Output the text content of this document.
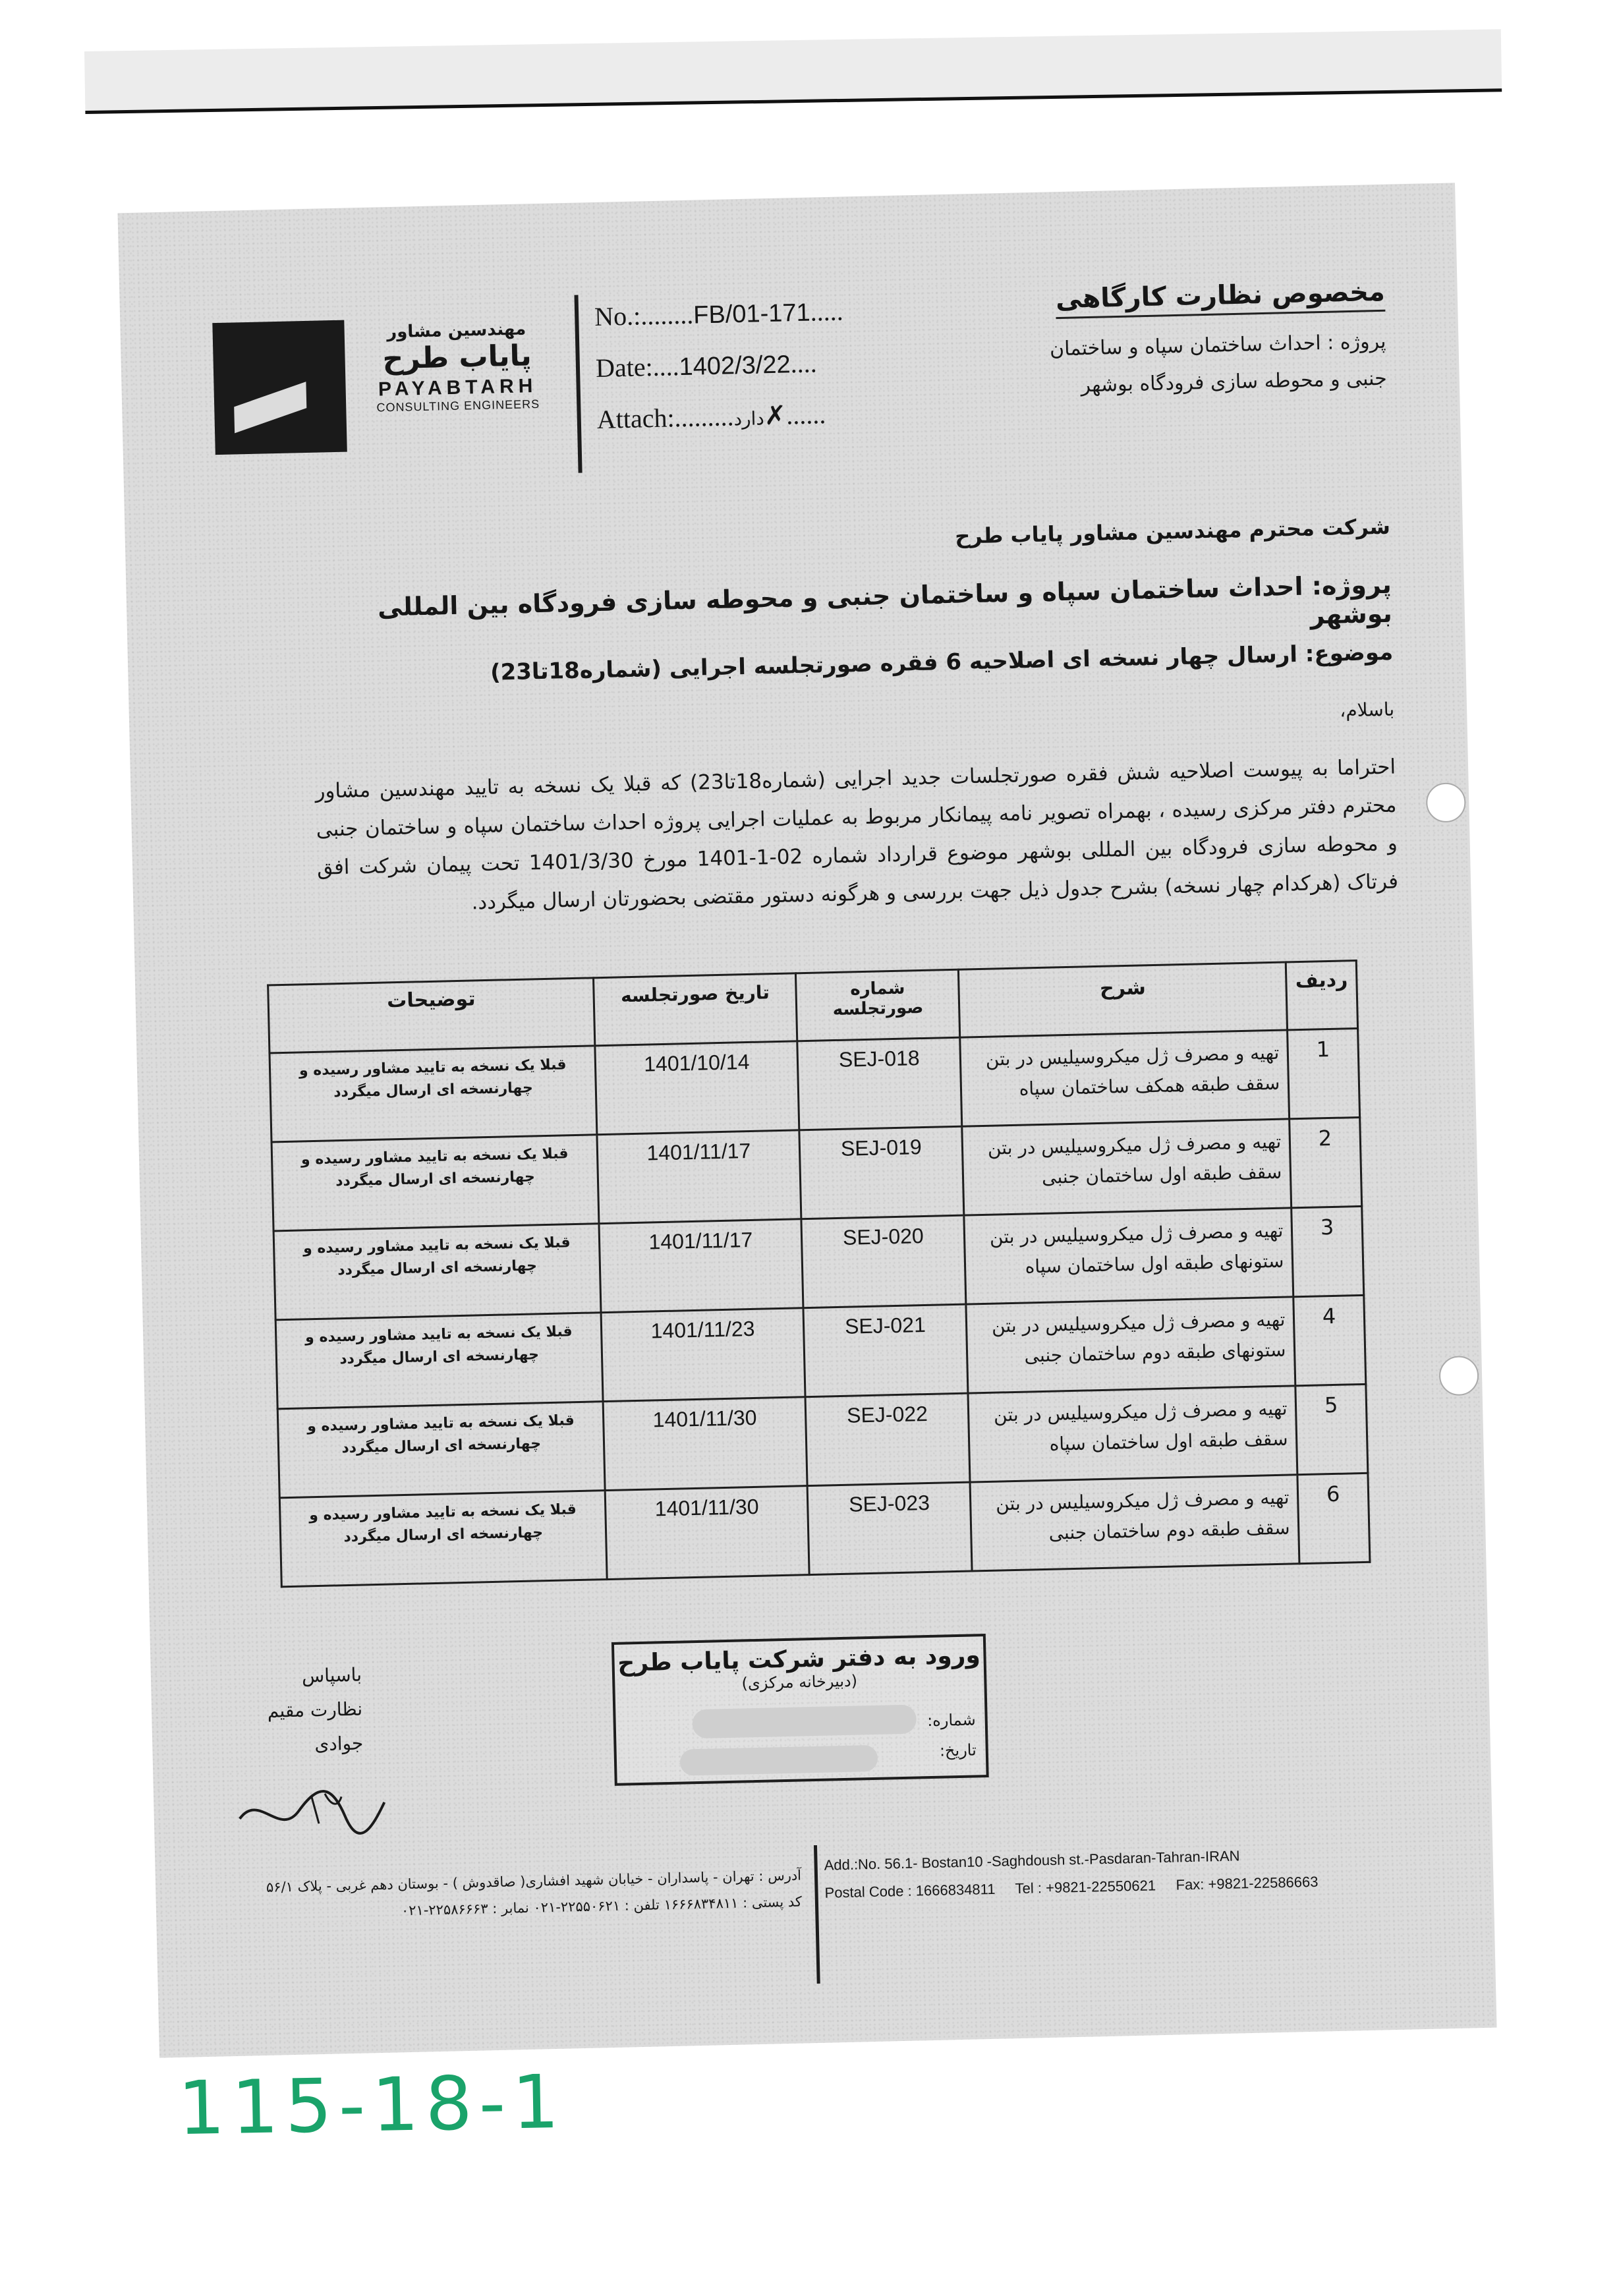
مهندسین مشاور
پایاب طرح
PAYABTARH
CONSULTING ENGINEERS
No.:........FB/01-171.....
Date:....1402/3/22....
Attach:.........دارد✗......
مخصوص نظارت کارگاهی
پروژه : احداث ساختمان سپاه و ساختمان
جنبی و محوطه سازی فرودگاه بوشهر
شرکت محترم مهندسین مشاور پایاب طرح
پروژه: احداث ساختمان سپاه و ساختمان جنبی و محوطه سازی فرودگاه بین المللی بوشهر
موضوع: ارسال چهار نسخه ای اصلاحیه 6 فقره صورتجلسه اجرایی (شماره18تا23)
باسلام،
احتراما به پیوست اصلاحیه شش فقره صورتجلسات جدید اجرایی (شماره18تا23) که قبلا یک نسخه به تایید مهندسین مشاور محترم دفتر مرکزی رسیده ، بهمراه تصویر نامه پیمانکار مربوط به عملیات اجرایی پروژه احداث ساختمان سپاه و ساختمان جنبی و محوطه سازی فرودگاه بین المللی بوشهر موضوع قرارداد شماره 02-1-1401 مورخ 1401/3/30 تحت پیمان شرکت افق فرتاک (هرکدام چهار نسخه) بشرح جدول ذیل جهت بررسی و هرگونه دستور مقتضی بحضورتان ارسال میگردد.
ردیف	شرح	شماره صورتجلسه	تاریخ صورتجلسه	توضیحات
1	تهیه و مصرف ژل میکروسیلیس در بتن سقف طبقه همکف ساختمان سپاه	SEJ-018	1401/10/14	قبلا یک نسخه به تایید مشاور رسیده و چهارنسخه ای ارسال میگردد
2	تهیه و مصرف ژل میکروسیلیس در بتن سقف طبقه اول ساختمان جنبی	SEJ-019	1401/11/17	قبلا یک نسخه به تایید مشاور رسیده و چهارنسخه ای ارسال میگردد
3	تهیه و مصرف ژل میکروسیلیس در بتن ستونهای طبقه اول ساختمان سپاه	SEJ-020	1401/11/17	قبلا یک نسخه به تایید مشاور رسیده و چهارنسخه ای ارسال میگردد
4	تهیه و مصرف ژل میکروسیلیس در بتن ستونهای طبقه دوم ساختمان جنبی	SEJ-021	1401/11/23	قبلا یک نسخه به تایید مشاور رسیده و چهارنسخه ای ارسال میگردد
5	تهیه و مصرف ژل میکروسیلیس در بتن سقف طبقه اول ساختمان سپاه	SEJ-022	1401/11/30	قبلا یک نسخه به تایید مشاور رسیده و چهارنسخه ای ارسال میگردد
6	تهیه و مصرف ژل میکروسیلیس در بتن سقف طبقه دوم ساختمان جنبی	SEJ-023	1401/11/30	قبلا یک نسخه به تایید مشاور رسیده و چهارنسخه ای ارسال میگردد
ورود به دفتر شرکت پایاب طرح
(دبیرخانه مرکزی)
شماره:
تاریخ:
باسپاس
نظارت مقیم
جوادی
Add.:No. 56.1- Bostan10 -Saghdoush st.-Pasdaran-Tahran-IRAN
Postal Code : 1666834811 Tel : +9821-22550621 Fax: +9821-22586663
آدرس : تهران - پاسداران - خیابان شهید افشاری( صاقدوش ) - بوستان دهم غربی - پلاک ۵۶/۱
کد پستی : ۱۶۶۶۸۳۴۸۱۱ تلفن : ۲۲۵۵۰۶۲۱-۰۲۱ نمابر : ۲۲۵۸۶۶۶۳-۰۲۱
115-18-1
